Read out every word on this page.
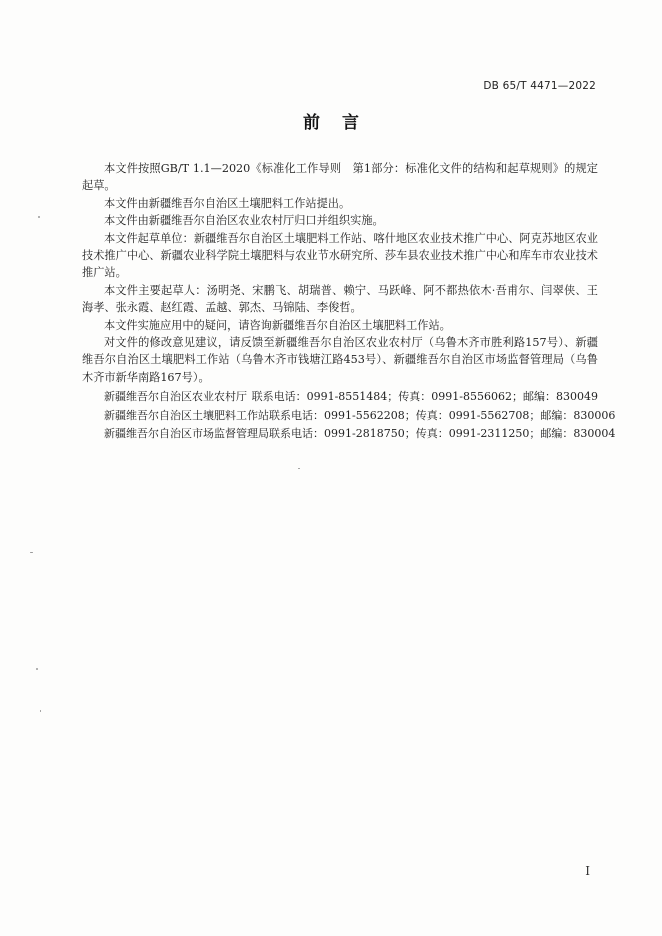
DB 65/T 4471—2022
前言

本文件按照GB/T 1.1—2020《标准化工作导则　第1部分：标准化文件的结构和起草规则》的规定起草。

本文件由新疆维吾尔自治区土壤肥料工作站提出。

本文件由新疆维吾尔自治区农业农村厅归口并组织实施。

本文件起草单位：新疆维吾尔自治区土壤肥料工作站、喀什地区农业技术推广中心、阿克苏地区农业技术推广中心、新疆农业科学院土壤肥料与农业节水研究所、莎车县农业技术推广中心和库车市农业技术推广站。

本文件主要起草人：汤明尧、宋鹏飞、胡瑞普、赖宁、马跃峰、阿不都热依木·吾甫尔、闫翠侠、王海孝、张永霞、赵红霞、孟越、郭杰、马锦陆、李俊哲。

本文件实施应用中的疑问，请咨询新疆维吾尔自治区土壤肥料工作站。

对文件的修改意见建议，请反馈至新疆维吾尔自治区农业农村厅（乌鲁木齐市胜利路157号）、新疆维吾尔自治区土壤肥料工作站（乌鲁木齐市钱塘江路453号）、新疆维吾尔自治区市场监督管理局（乌鲁木齐市新华南路167号）。

新疆维吾尔自治区农业农村厅 联系电话：0991-8551484；传真：0991-8556062；邮编：830049
新疆维吾尔自治区土壤肥料工作站 联系电话：0991-5562208；传真：0991-5562708；邮编：830006
新疆维吾尔自治区市场监督管理局 联系电话：0991-2818750；传真：0991-2311250；邮编：830004
I
